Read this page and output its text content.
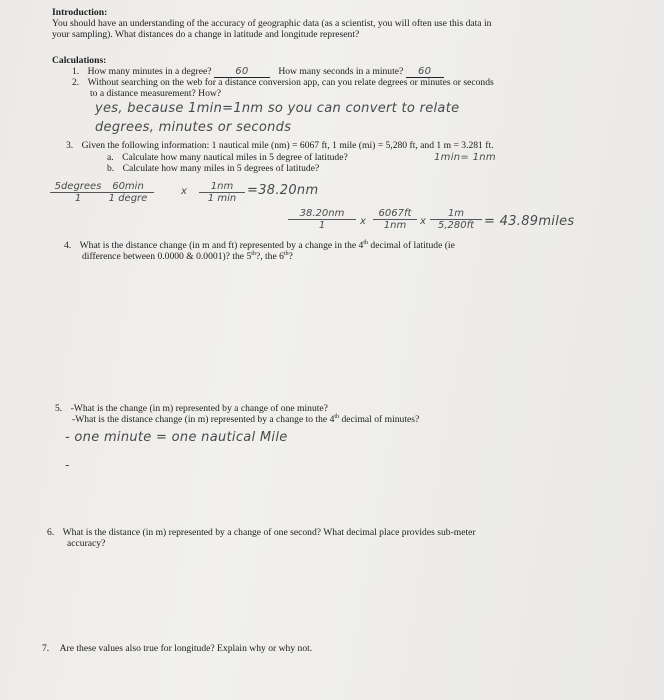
Introduction:
You should have an understanding of the accuracy of geographic data (as a scientist, you will often use this data in
your sampling). What distances do a change in latitude and longitude represent?
Calculations:
1. How many minutes in a degree? 60	How many seconds in a minute? 60
2. Without searching on the web for a distance conversion app, can you relate degrees or minutes or seconds
to a distance measurement? How?
yes, because 1min=1nm so you can convert to relate
degrees, minutes or seconds
3. Given the following information: 1 nautical mile (nm) = 6067 ft, 1 mile (mi) = 5,280 ft, and 1 m = 3.281 ft.
a. Calculate how many nautical miles in 5 degree of latitude?	1min= 1nm
b. Calculate how many miles in 5 degrees of latitude?
5degrees
1
60min
1 degre
x	1nm
1 min
=38.20nm
$\frac{38.20nm}{1}$ x $\frac{6067ft}{1nm}$ x $\frac{1m}{5,280ft}$ = 43.89miles
4. What is the distance change (in m and ft) represented by a change in the 4th decimal of latitude (ie
difference between 0.0000 & 0.0001)? the 5th?, the 6th?
5. -What is the change (in m) represented by a change of one minute?
-What is the distance change (in m) represented by a change to the 4th decimal of minutes?
- one minute = one nautical Mile
-
6. What is the distance (in m) represented by a change of one second? What decimal place provides sub-meter
accuracy?
7. Are these values also true for longitude? Explain why or why not.
